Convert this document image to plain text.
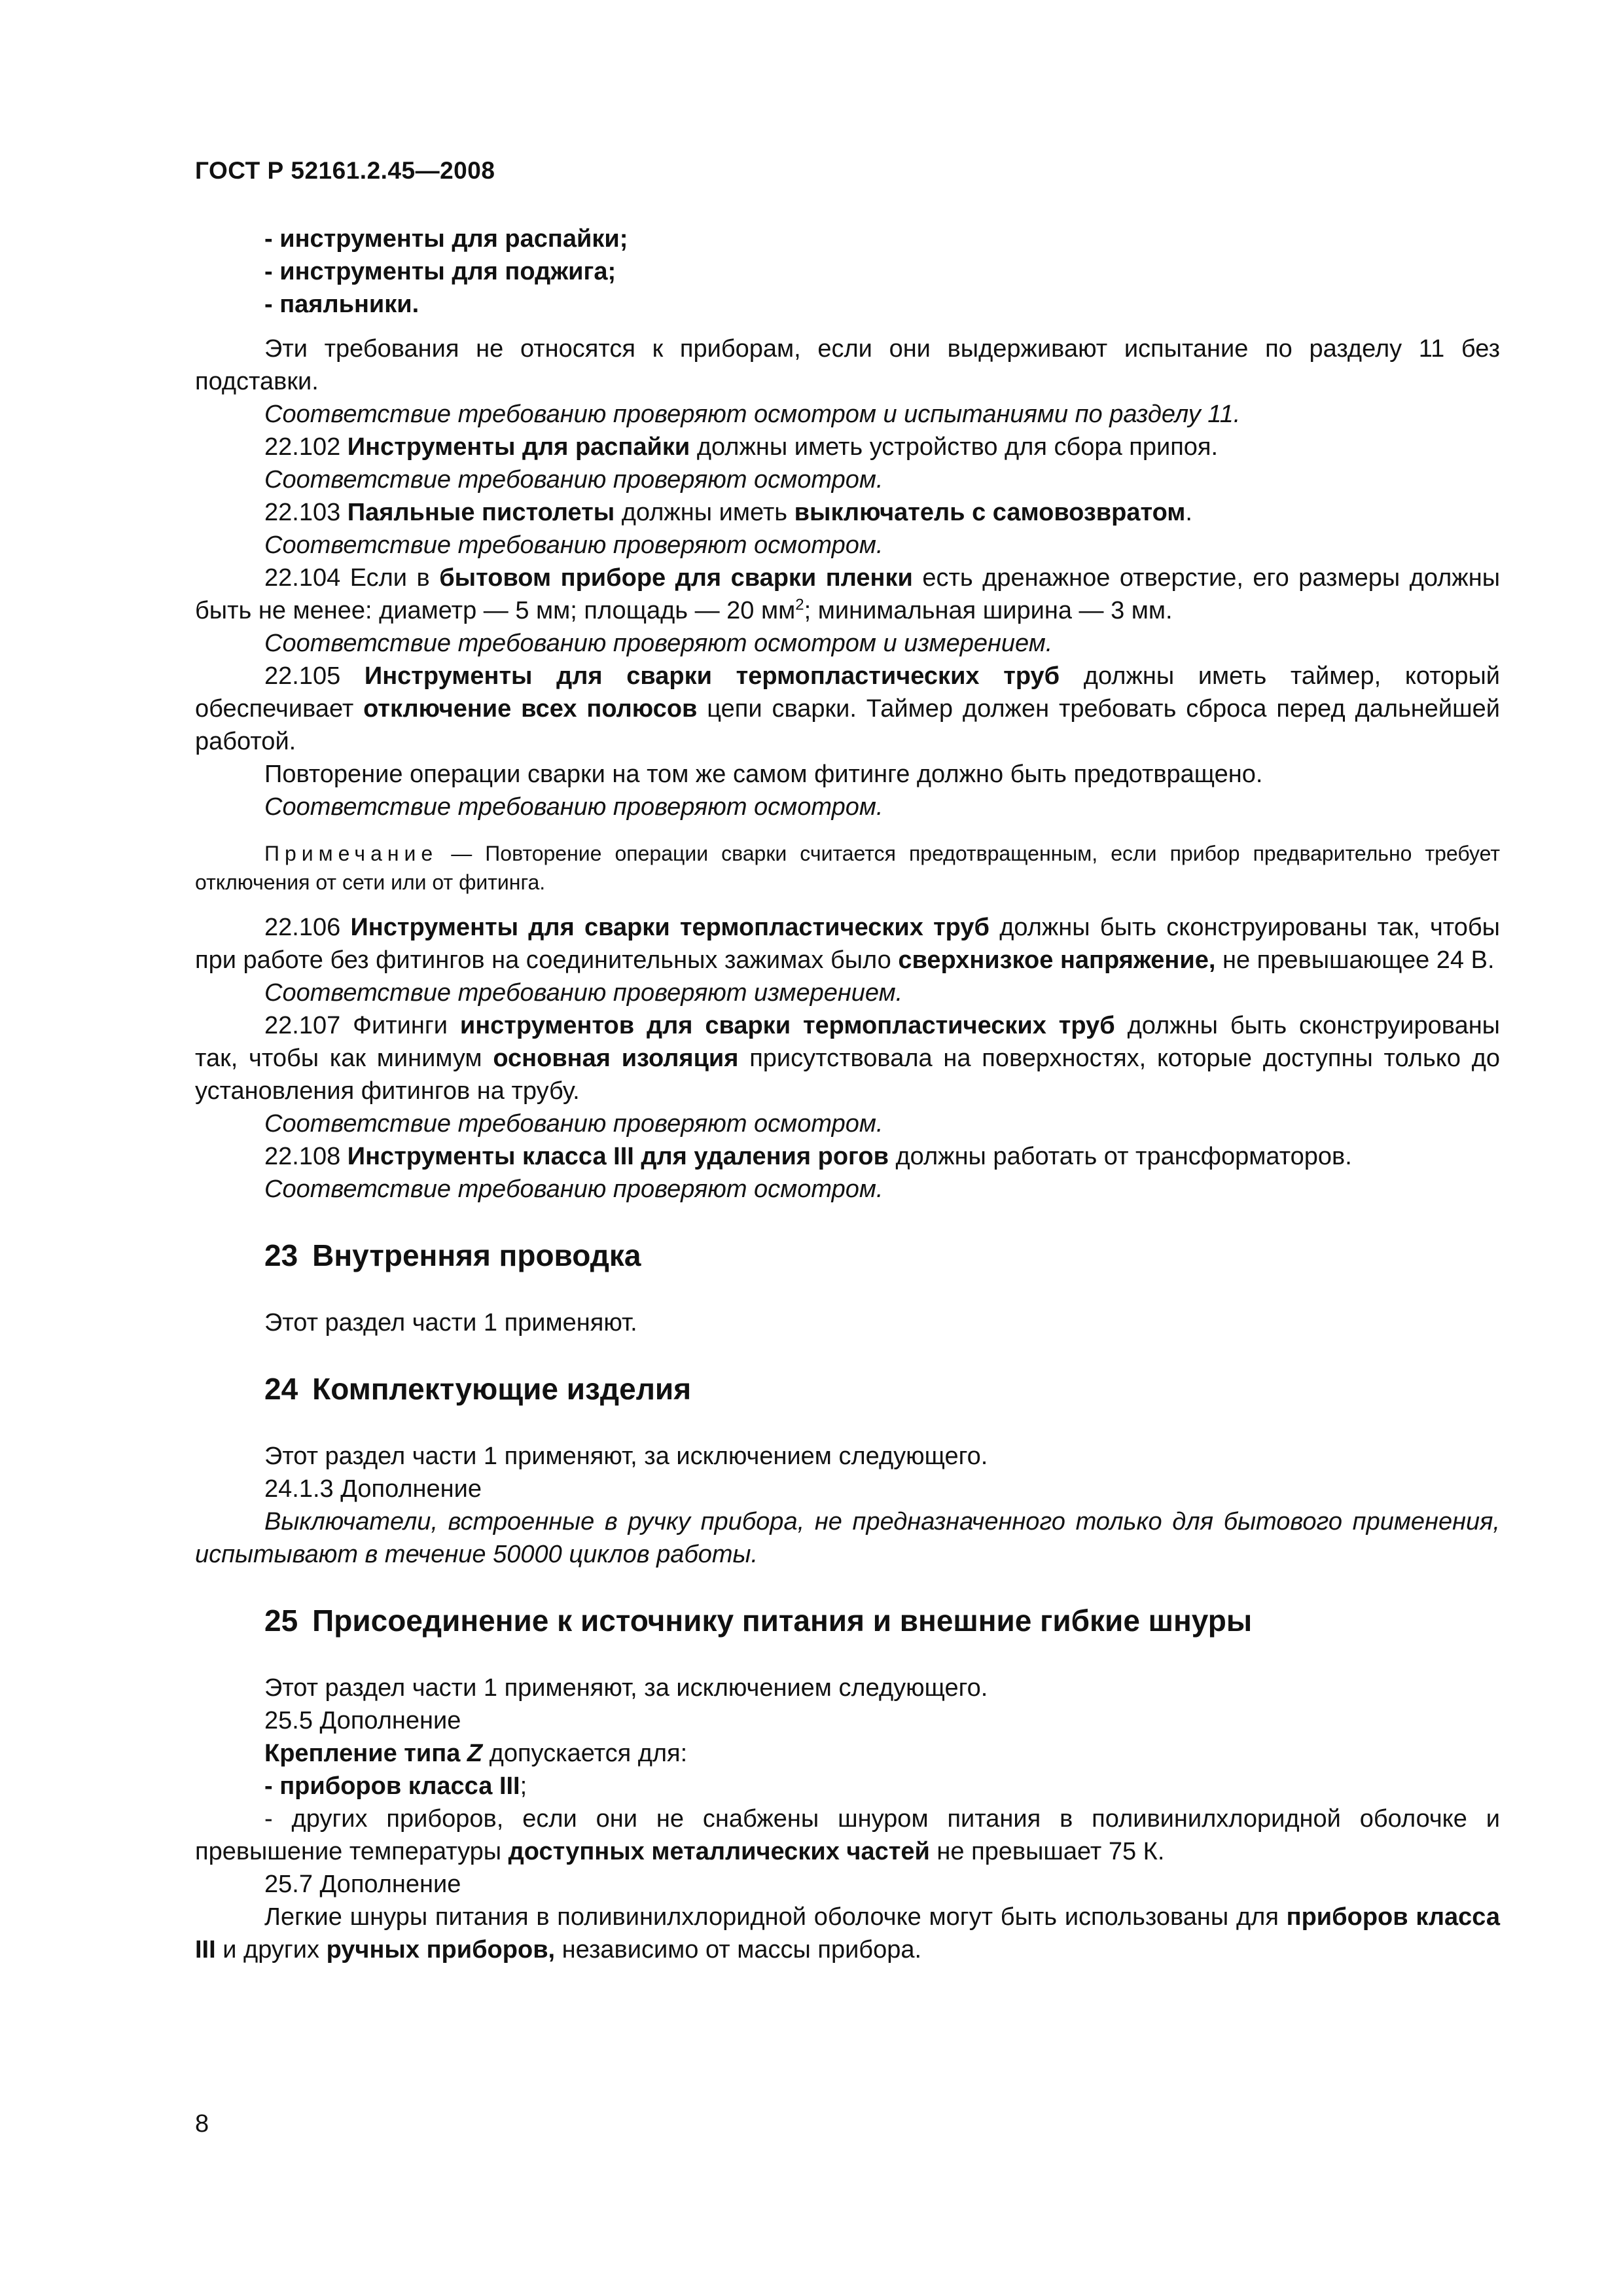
ГОСТ Р 52161.2.45—2008

- инструменты для распайки;

- инструменты для поджига;

- паяльники.

Эти требования не относятся к приборам, если они выдерживают испытание по разделу 11 без подставки.

Соответствие требованию проверяют осмотром и испытаниями по разделу 11.

22.102 Инструменты для распайки должны иметь устройство для сбора припоя.

Соответствие требованию проверяют осмотром.

22.103 Паяльные пистолеты должны иметь выключатель с самовозвратом.

Соответствие требованию проверяют осмотром.

22.104 Если в бытовом приборе для сварки пленки есть дренажное отверстие, его размеры должны быть не менее: диаметр — 5 мм; площадь — 20 $мм^2$; минимальная ширина — 3 мм.

Соответствие требованию проверяют осмотром и измерением.

22.105 Инструменты для сварки термопластических труб должны иметь таймер, который обеспечивает отключение всех полюсов цепи сварки. Таймер должен требовать сброса перед дальнейшей работой.

Повторение операции сварки на том же самом фитинге должно быть предотвращено.

Соответствие требованию проверяют осмотром.

Примечание — Повторение операции сварки считается предотвращенным, если прибор предварительно требует отключения от сети или от фитинга.

22.106 Инструменты для сварки термопластических труб должны быть сконструированы так, чтобы при работе без фитингов на соединительных зажимах было сверхнизкое напряжение, не превышающее 24 В.

Соответствие требованию проверяют измерением.

22.107 Фитинги инструментов для сварки термопластических труб должны быть сконструированы так, чтобы как минимум основная изоляция присутствовала на поверхностях, которые доступны только до установления фитингов на трубу.

Соответствие требованию проверяют осмотром.

22.108 Инструменты класса III для удаления рогов должны работать от трансформаторов.

Соответствие требованию проверяют осмотром.

23 Внутренняя проводка

Этот раздел части 1 применяют.

24 Комплектующие изделия

Этот раздел части 1 применяют, за исключением следующего.

24.1.3 Дополнение

Выключатели, встроенные в ручку прибора, не предназначенного только для бытового применения, испытывают в течение 50000 циклов работы.

25 Присоединение к источнику питания и внешние гибкие шнуры

Этот раздел части 1 применяют, за исключением следующего.

25.5 Дополнение

Крепление типа Z допускается для:

- приборов класса III;

- других приборов, если они не снабжены шнуром питания в поливинилхлоридной оболочке и превышение температуры доступных металлических частей не превышает 75 К.

25.7 Дополнение

Легкие шнуры питания в поливинилхлоридной оболочке могут быть использованы для приборов класса III и других ручных приборов, независимо от массы прибора.

8
